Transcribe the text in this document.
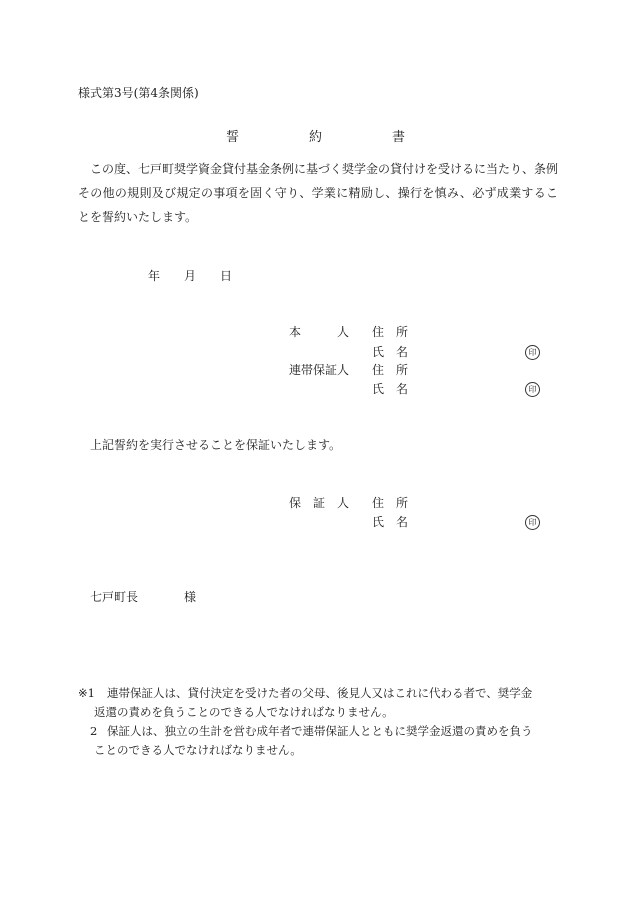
様式第3号(第4条関係)
誓	約	書
　この度、七戸町奨学資金貸付基金条例に基づく奨学金の貸付けを受けるに当たり、条例その他の規則及び規定の事項を固く守り、学業に精励し、操行を慎み、必ず成業することを誓約いたします。
年 月 日
本　　　人 住　所
氏　名	印
連帯保証人 住　所
氏　名	印
上記誓約を実行させることを保証いたします。
保　証　人 住　所
氏　名	印
七戸町長	様
※1 連帯保証人は、貸付決定を受けた者の父母、後見人又はこれに代わる者で、奨学金
返還の責めを負うことのできる人でなければなりません。
2 保証人は、独立の生計を営む成年者で連帯保証人とともに奨学金返還の責めを負う
ことのできる人でなければなりません。
